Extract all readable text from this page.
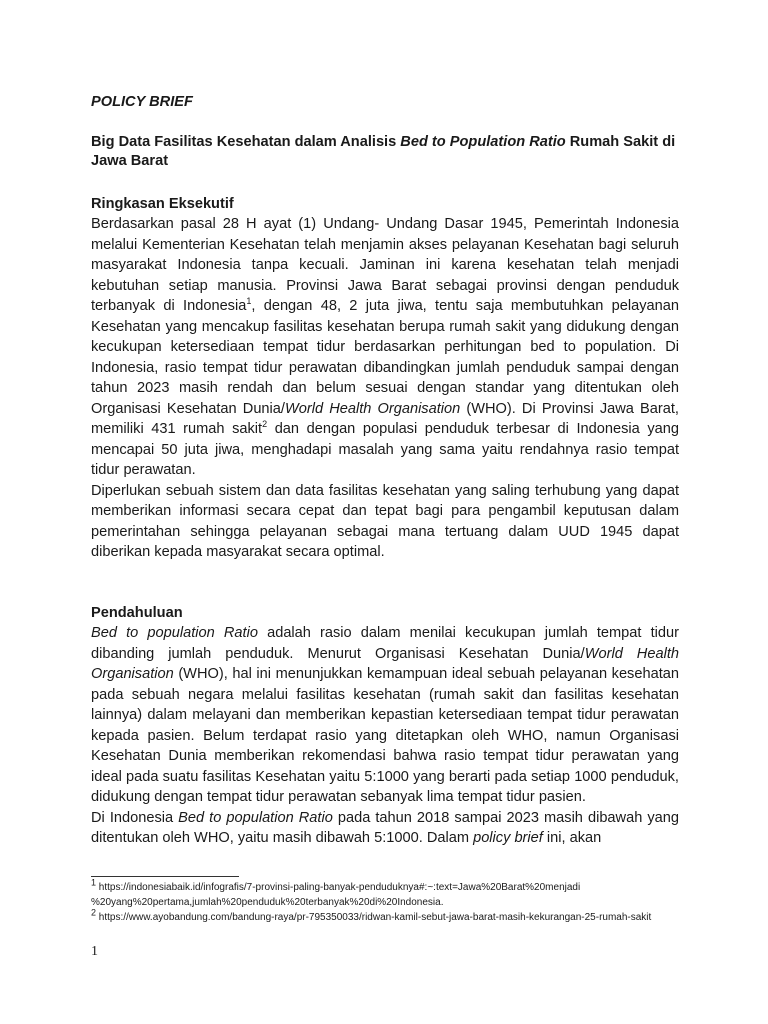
POLICY BRIEF

Big Data Fasilitas Kesehatan dalam Analisis Bed to Population Ratio Rumah Sakit di Jawa Barat

Ringkasan Eksekutif

Berdasarkan pasal 28 H ayat (1) Undang- Undang Dasar 1945, Pemerintah Indonesia melalui Kementerian Kesehatan telah menjamin akses pelayanan Kesehatan bagi seluruh masyarakat Indonesia tanpa kecuali. Jaminan ini karena kesehatan telah menjadi kebutuhan setiap manusia. Provinsi Jawa Barat sebagai provinsi dengan penduduk terbanyak di Indonesia$^1$, dengan 48, 2 juta jiwa, tentu saja membutuhkan pelayanan Kesehatan yang mencakup fasilitas kesehatan berupa rumah sakit yang didukung dengan kecukupan ketersediaan tempat tidur berdasarkan perhitungan bed to population. Di Indonesia, rasio tempat tidur perawatan dibandingkan jumlah penduduk sampai dengan tahun 2023 masih rendah dan belum sesuai dengan standar yang ditentukan oleh Organisasi Kesehatan Dunia/World Health Organisation (WHO). Di Provinsi Jawa Barat, memiliki 431 rumah sakit$^2$ dan dengan populasi penduduk terbesar di Indonesia yang mencapai 50 juta jiwa, menghadapi masalah yang sama yaitu rendahnya rasio tempat tidur perawatan.

Diperlukan sebuah sistem dan data fasilitas kesehatan yang saling terhubung yang dapat memberikan informasi secara cepat dan tepat bagi para pengambil keputusan dalam pemerintahan sehingga pelayanan sebagai mana tertuang dalam UUD 1945 dapat diberikan kepada masyarakat secara optimal.

Pendahuluan

Bed to population Ratio adalah rasio dalam menilai kecukupan jumlah tempat tidur dibanding jumlah penduduk. Menurut Organisasi Kesehatan Dunia/World Health Organisation (WHO), hal ini menunjukkan kemampuan ideal sebuah pelayanan kesehatan pada sebuah negara melalui fasilitas kesehatan (rumah sakit dan fasilitas kesehatan lainnya) dalam melayani dan memberikan kepastian ketersediaan tempat tidur perawatan kepada pasien. Belum terdapat rasio yang ditetapkan oleh WHO, namun Organisasi Kesehatan Dunia memberikan rekomendasi bahwa rasio tempat tidur perawatan yang ideal pada suatu fasilitas Kesehatan yaitu 5:1000 yang berarti pada setiap 1000 penduduk, didukung dengan tempat tidur perawatan sebanyak lima tempat tidur pasien.

Di Indonesia Bed to population Ratio pada tahun 2018 sampai 2023 masih dibawah yang ditentukan oleh WHO, yaitu masih dibawah 5:1000. Dalam policy brief ini, akan

$^1$ https://indonesiabaik.id/infografis/7-provinsi-paling-banyak-penduduknya#:~:text=Jawa%20Barat%20menjadi %20yang%20pertama,jumlah%20penduduk%20terbanyak%20di%20Indonesia.
$^2$ https://www.ayobandung.com/bandung-raya/pr-795350033/ridwan-kamil-sebut-jawa-barat-masih-kekurangan-25-rumah-sakit
1
